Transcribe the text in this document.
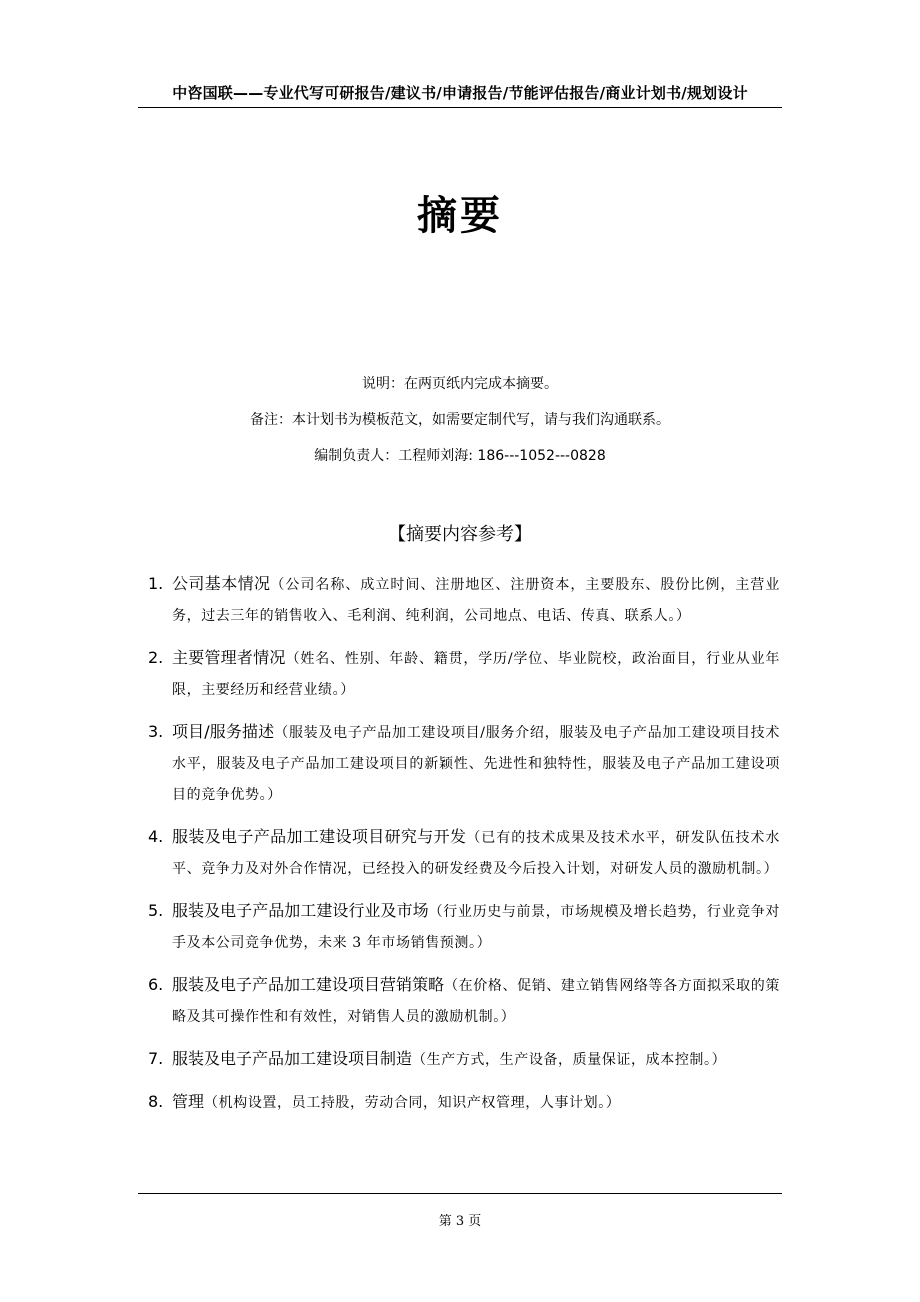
中咨国联——专业代写可研报告/建议书/申请报告/节能评估报告/商业计划书/规划设计
摘要
说明：在两页纸内完成本摘要。
备注：本计划书为模板范文，如需要定制代写，请与我们沟通联系。
编制负责人：工程师刘海: 186---1052---0828
【摘要内容参考】
1. 公司基本情况（公司名称、成立时间、注册地区、注册资本，主要股东、股份比例，主营业务，过去三年的销售收入、毛利润、纯利润，公司地点、电话、传真、联系人。）
2. 主要管理者情况（姓名、性别、年龄、籍贯，学历/学位、毕业院校，政治面目，行业从业年限，主要经历和经营业绩。）
3. 项目/服务描述（服装及电子产品加工建设项目/服务介绍，服装及电子产品加工建设项目技术水平，服装及电子产品加工建设项目的新颖性、先进性和独特性，服装及电子产品加工建设项目的竞争优势。）
4. 服装及电子产品加工建设项目研究与开发（已有的技术成果及技术水平，研发队伍技术水平、竞争力及对外合作情况，已经投入的研发经费及今后投入计划，对研发人员的激励机制。）
5. 服装及电子产品加工建设行业及市场（行业历史与前景，市场规模及增长趋势，行业竞争对手及本公司竞争优势，未来 3 年市场销售预测。）
6. 服装及电子产品加工建设项目营销策略（在价格、促销、建立销售网络等各方面拟采取的策略及其可操作性和有效性，对销售人员的激励机制。）
7. 服装及电子产品加工建设项目制造（生产方式，生产设备，质量保证，成本控制。）
8. 管理（机构设置，员工持股，劳动合同，知识产权管理，人事计划。）
第 3 页
